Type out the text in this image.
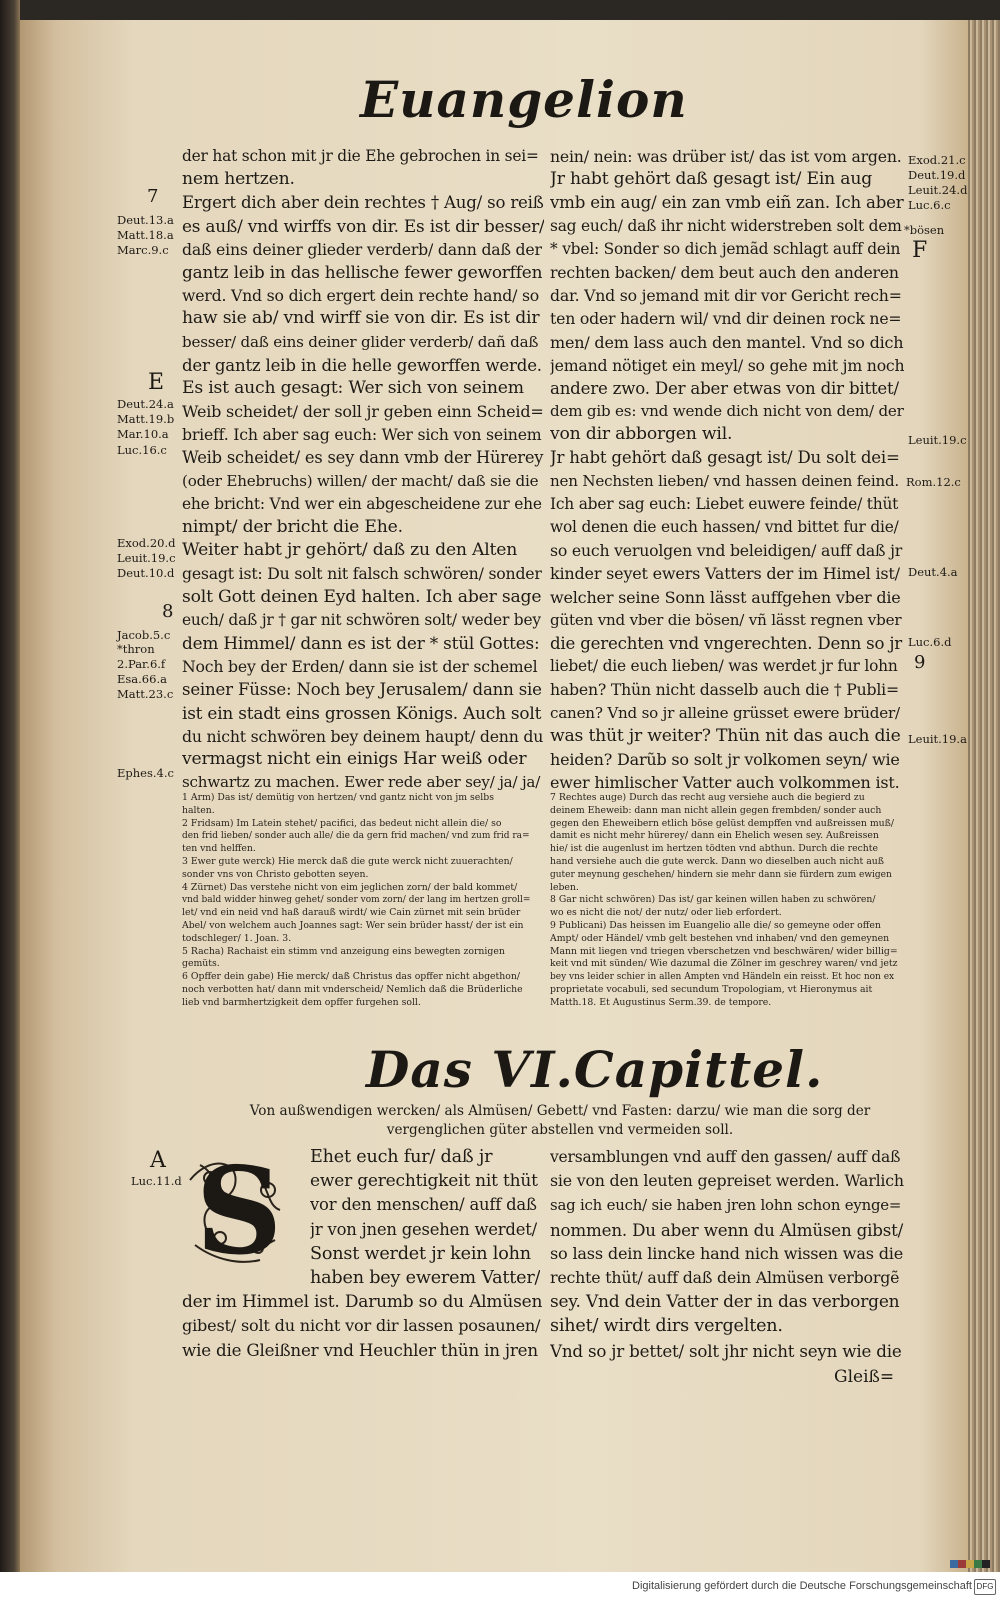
Euangelion
7
Deut.13.a
Matt.18.a
Marc.9.c
E
Deut.24.a
Matt.19.b
Mar.10.a
Luc.16.c
Exod.20.d
Leuit.19.c
Deut.10.d
8
Jacob.5.c
*thron
2.Par.6.f
Esa.66.a
Matt.23.c
Ephes.4.c
Exod.21.c
Deut.19.d
Leuit.24.d
Luc.6.c
*bösen
F
Leuit.19.c
Rom.12.c
Deut.4.a
Luc.6.d
9
Leuit.19.a
der hat schon mit jr die Ehe gebrochen in sei=
nem hertzen.
Ergert dich aber dein rechtes † Aug/ so reiß
es auß/ vnd wirffs von dir. Es ist dir besser/
daß eins deiner glieder verderb/ dann daß der
gantz leib in das hellische fewer geworffen
werd. Vnd so dich ergert dein rechte hand/ so
haw sie ab/ vnd wirff sie von dir. Es ist dir
besser/ daß eins deiner glider verderb/ dañ daß
der gantz leib in die helle geworffen werde.
Es ist auch gesagt: Wer sich von seinem
Weib scheidet/ der soll jr geben einn Scheid=
brieff. Ich aber sag euch: Wer sich von seinem
Weib scheidet/ es sey dann vmb der Hürerey
(oder Ehebruchs) willen/ der macht/ daß sie die
ehe bricht: Vnd wer ein abgescheidene zur ehe
nimpt/ der bricht die Ehe.
Weiter habt jr gehört/ daß zu den Alten
gesagt ist: Du solt nit falsch schwören/ sonder
solt Gott deinen Eyd halten. Ich aber sage
euch/ daß jr † gar nit schwören solt/ weder bey
dem Himmel/ dann es ist der * stül Gottes:
Noch bey der Erden/ dann sie ist der schemel
seiner Füsse: Noch bey Jerusalem/ dann sie
ist ein stadt eins grossen Königs. Auch solt
du nicht schwören bey deinem haupt/ denn du
vermagst nicht ein einigs Har weiß oder
schwartz zu machen. Ewer rede aber sey/ ja/ ja/
nein/ nein: was drüber ist/ das ist vom argen.
Jr habt gehört daß gesagt ist/ Ein aug
vmb ein aug/ ein zan vmb eiñ zan. Ich aber
sag euch/ daß ihr nicht widerstreben solt dem
* vbel: Sonder so dich jemãd schlagt auff dein
rechten backen/ dem beut auch den anderen
dar. Vnd so jemand mit dir vor Gericht rech=
ten oder hadern wil/ vnd dir deinen rock ne=
men/ dem lass auch den mantel. Vnd so dich
jemand nötiget ein meyl/ so gehe mit jm noch
andere zwo. Der aber etwas von dir bittet/
dem gib es: vnd wende dich nicht von dem/ der
von dir abborgen wil.
Jr habt gehört daß gesagt ist/ Du solt dei=
nen Nechsten lieben/ vnd hassen deinen feind.
Ich aber sag euch: Liebet euwere feinde/ thüt
wol denen die euch hassen/ vnd bittet fur die/
so euch veruolgen vnd beleidigen/ auff daß jr
kinder seyet ewers Vatters der im Himel ist/
welcher seine Sonn lässt auffgehen vber die
güten vnd vber die bösen/ vñ lässt regnen vber
die gerechten vnd vngerechten. Denn so jr
liebet/ die euch lieben/ was werdet jr fur lohn
haben? Thün nicht dasselb auch die † Publi=
canen? Vnd so jr alleine grüsset ewere brüder/
was thüt jr weiter? Thün nit das auch die
heiden? Darũb so solt jr volkomen seyn/ wie
ewer himlischer Vatter auch volkommen ist.
1 Arm) Das ist/ demütig von hertzen/ vnd gantz nicht von jm selbs
halten.
2 Fridsam) Im Latein stehet/ pacifici, das bedeut nicht allein die/ so
den frid lieben/ sonder auch alle/ die da gern frid machen/ vnd zum frid ra=
ten vnd helffen.
3 Ewer gute werck) Hie merck daß die gute werck nicht zuuerachten/
sonder vns von Christo gebotten seyen.
4 Zürnet) Das verstehe nicht von eim jeglichen zorn/ der bald kommet/
vnd bald widder hinweg gehet/ sonder vom zorn/ der lang im hertzen groll=
let/ vnd ein neid vnd haß darauß wirdt/ wie Cain zürnet mit sein brüder
Abel/ von welchem auch Joannes sagt: Wer sein brüder hasst/ der ist ein
todschleger/ 1. Joan. 3.
5 Racha) Rachaist ein stimm vnd anzeigung eins bewegten zornigen
gemüts.
6 Opffer dein gabe) Hie merck/ daß Christus das opffer nicht abgethon/
noch verbotten hat/ dann mit vnderscheid/ Nemlich daß die Brüderliche
lieb vnd barmhertzigkeit dem opffer furgehen soll.
7 Rechtes auge) Durch das recht aug versiehe auch die begierd zu
deinem Eheweib: dann man nicht allein gegen frembden/ sonder auch
gegen den Eheweibern etlich böse gelüst dempffen vnd außreissen muß/
damit es nicht mehr hürerey/ dann ein Ehelich wesen sey. Außreissen
hie/ ist die augenlust im hertzen tödten vnd abthun. Durch die rechte
hand versiehe auch die gute werck. Dann wo dieselben auch nicht auß
guter meynung geschehen/ hindern sie mehr dann sie fürdern zum ewigen
leben.
8 Gar nicht schwören) Das ist/ gar keinen willen haben zu schwören/
wo es nicht die not/ der nutz/ oder lieb erfordert.
9 Publicani) Das heissen im Euangelio alle die/ so gemeyne oder offen
Ampt/ oder Händel/ vmb gelt bestehen vnd inhaben/ vnd den gemeynen
Mann mit liegen vnd triegen vberschetzen vnd beschwären/ wider billig=
keit vnd mit sünden/ Wie dazumal die Zölner im geschrey waren/ vnd jetz
bey vns leider schier in allen Ampten vnd Händeln ein reisst. Et hoc non ex
proprietate vocabuli, sed secundum Tropologiam, vt Hieronymus ait
Matth.18. Et Augustinus Serm.39. de tempore.
Das VI.Capittel.
Von außwendigen wercken/ als Almüsen/ Gebett/ vnd Fasten: darzu/ wie man die sorg der
vergenglichen güter abstellen vnd vermeiden soll.
A
Luc.11.d S	Ehet euch fur/ daß jr
ewer gerechtigkeit nit thüt
vor den menschen/ auff daß
jr von jnen gesehen werdet/
Sonst werdet jr kein lohn
haben bey ewerem Vatter/
der im Himmel ist. Darumb so du Almüsen
gibest/ solt du nicht vor dir lassen posaunen/
wie die Gleißner vnd Heuchler thün in jren
versamblungen vnd auff den gassen/ auff daß
sie von den leuten gepreiset werden. Warlich
sag ich euch/ sie haben jren lohn schon eynge=
nommen. Du aber wenn du Almüsen gibst/
so lass dein lincke hand nich wissen was die
rechte thüt/ auff daß dein Almüsen verborgẽ
sey. Vnd dein Vatter der in das verborgen
sihet/ wirdt dirs vergelten.
Vnd so jr bettet/ solt jhr nicht seyn wie die
Gleiß=
Digitalisierung gefördert durch die Deutsche Forschungsgemeinschaft DFG
